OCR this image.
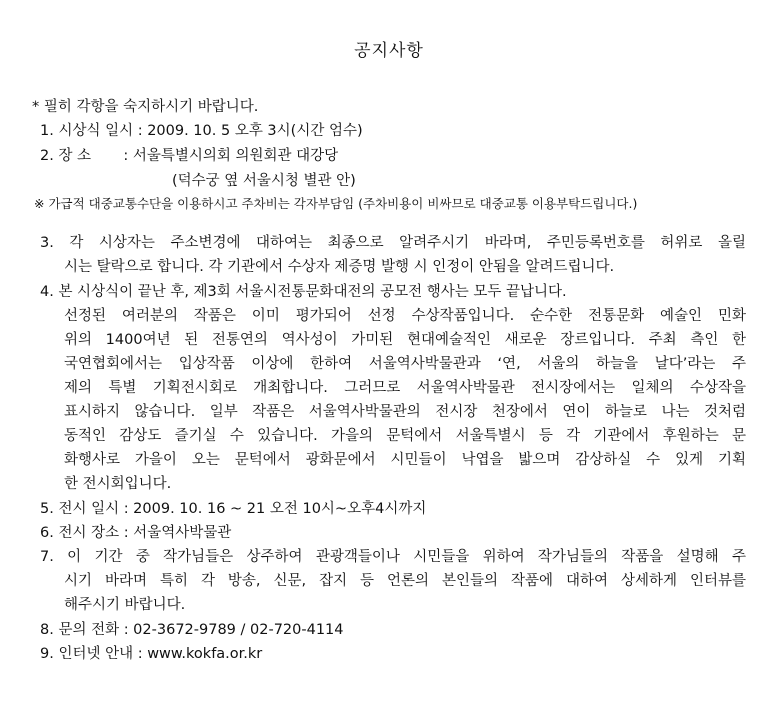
공지사항

* 필히 각항을 숙지하시기 바랍니다.

1. 시상식 일시 : 2009. 10. 5 오후 3시(시간 엄수)

2. 장 소       : 서울특별시의회 의원회관 대강당

(덕수궁 옆 서울시청 별관 안)

※ 가급적 대중교통수단을 이용하시고 주차비는 각자부담임 (주차비용이 비싸므로 대중교통 이용부탁드립니다.)

3. 각 시상자는 주소변경에 대하여는 최종으로 알려주시기 바라며, 주민등록번호를 허위로 올릴

시는 탈락으로 합니다. 각 기관에서 수상자 제증명 발행 시 인정이 안됨을 알려드립니다.

4. 본 시상식이 끝난 후, 제3회 서울시전통문화대전의 공모전 행사는 모두 끝납니다.

선정된 여러분의 작품은 이미 평가되어 선정 수상작품입니다. 순수한 전통문화 예술인 민화

위의 1400여년 된 전통연의 역사성이 가미된 현대예술적인 새로운 장르입니다. 주최 측인 한

국연협회에서는 입상작품 이상에 한하여 서울역사박물관과 ‘연, 서울의 하늘을 날다’라는 주

제의 특별 기획전시회로 개최합니다. 그러므로 서울역사박물관 전시장에서는 일체의 수상작을

표시하지 않습니다. 일부 작품은 서울역사박물관의 전시장 천장에서 연이 하늘로 나는 것처럼

동적인 감상도 즐기실 수 있습니다. 가을의 문턱에서 서울특별시 등 각 기관에서 후원하는 문

화행사로 가을이 오는 문턱에서 광화문에서 시민들이 낙엽을 밟으며 감상하실 수 있게 기획

한 전시회입니다.

5. 전시 일시 : 2009. 10. 16 ~ 21 오전 10시~오후4시까지

6. 전시 장소 : 서울역사박물관

7. 이 기간 중 작가님들은 상주하여 관광객들이나 시민들을 위하여 작가님들의 작품을 설명해 주

시기 바라며 특히 각 방송, 신문, 잡지 등 언론의 본인들의 작품에 대하여 상세하게 인터뷰를

해주시기 바랍니다.

8. 문의 전화 : 02-3672-9789 / 02-720-4114

9. 인터넷 안내 : www.kokfa.or.kr
